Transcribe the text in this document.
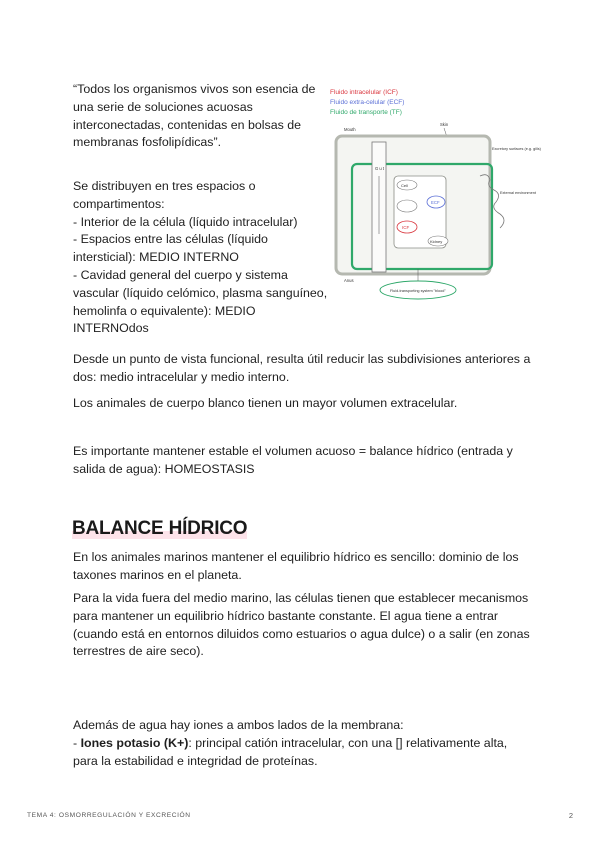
“Todos los organismos vivos son esencia de una serie de soluciones acuosas interconectadas, contenidas en bolsas de membranas fosfolipídicas”.

Se distribuyen en tres espacios o compartimentos:
- Interior de la célula (líquido intracelular)
- Espacios entre las células (líquido intersticial): MEDIO INTERNO
- Cavidad general del cuerpo y sistema vascular (líquido celómico, plasma sanguíneo, hemolinfa o equivalente): MEDIO INTERNOdos
Fluido intracelular (ICF)
Fluido extra-celular (ECF)
Fluido de transporte (TF)
Mouth
Skin
G u t
Cell
ICF
ECF
Kidney
Excretory surfaces (e.g. gills)
External environment
Anus
Fluid-transporting system "blood"

Desde un punto de vista funcional, resulta útil reducir las subdivisiones anteriores a dos: medio intracelular y medio interno.

Los animales de cuerpo blanco tienen un mayor volumen extracelular.

Es importante mantener estable el volumen acuoso = balance hídrico (entrada y salida de agua): HOMEOSTASIS

BALANCE HÍDRICO

En los animales marinos mantener el equilibrio hídrico es sencillo: dominio de los taxones marinos en el planeta.

Para la vida fuera del medio marino, las células tienen que establecer mecanismos para mantener un equilibrio hídrico bastante constante. El agua tiene a entrar (cuando está en entornos diluidos como estuarios o agua dulce) o a salir (en zonas terrestres de aire seco).

Además de agua hay iones a ambos lados de la membrana:
- Iones potasio (K+): principal catión intracelular, con una [] relativamente alta, para la estabilidad e integridad de proteínas.
TEMA 4: OSMORREGULACIÓN Y EXCRECIÓN	2
